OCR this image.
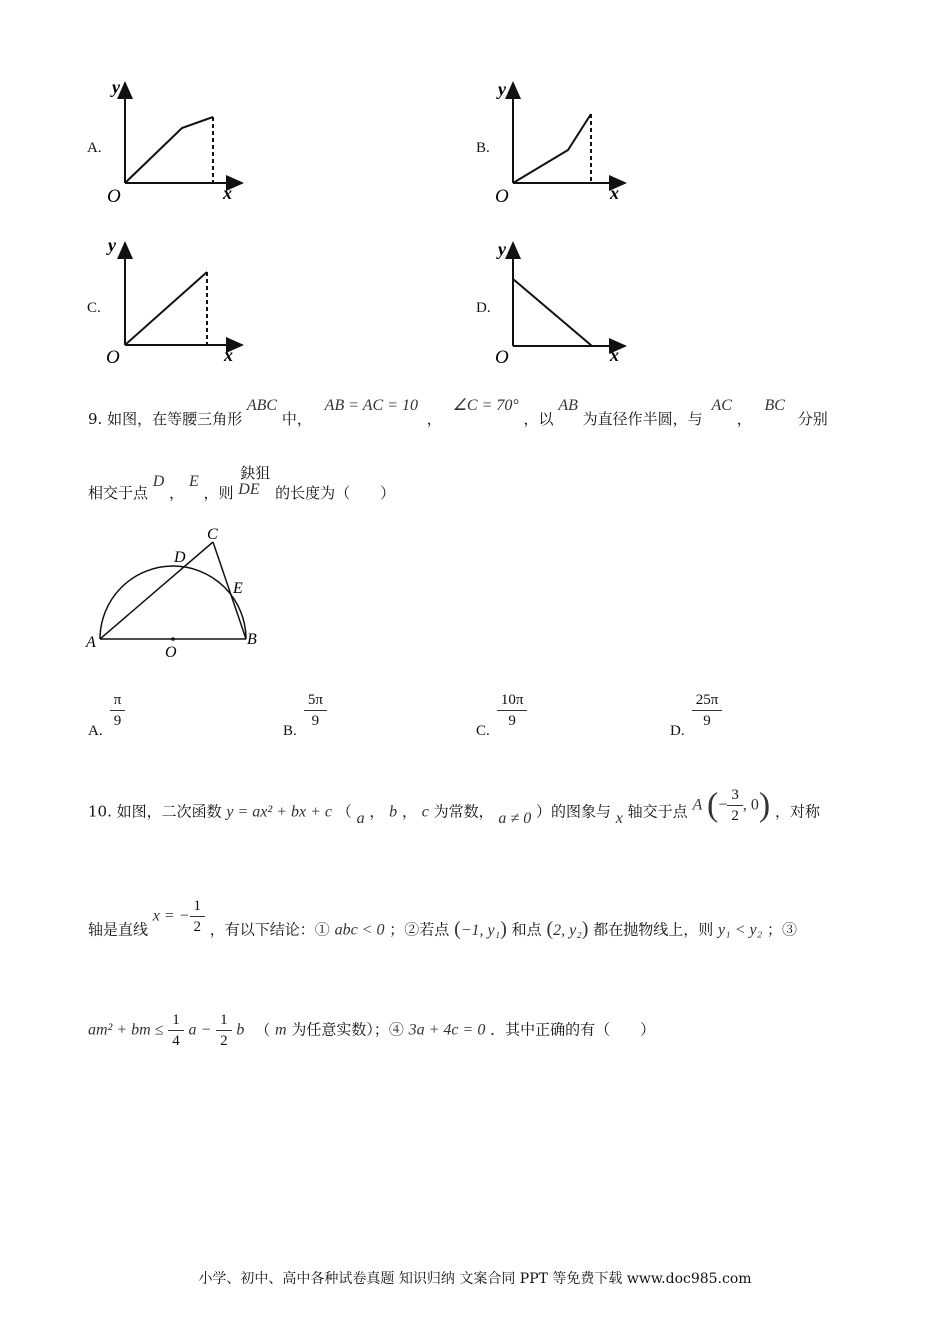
A.
y
x
O
B.
y
x
O
C.
y
x
O
D.
y
x
O
9. 如图，在等腰三角形 ABC 中， AB = AC = 10 ， ∠C = 70° ，以 AB 为直径作半圆，与 AC ， BC 分别
相交于点 D ， E ，则
鈌狙
DE 的长度为（　　）
A	B
C
D
E
O
A. $\frac{\pi}{9}$	B. $\frac{5\pi}{9}$	C. $\frac{10\pi}{9}$	D. $\frac{25\pi}{9}$
10. 如图，二次函数 y = ax² + bx + c （ a ， b ， c 为常数， a ≠ 0 ）的图象与 x 轴交于点 A (− $\frac{3}{2}$ , 0) ，对称
轴是直线 x = − $\frac{1}{2}$ ，有以下结论：① abc < 0 ；②若点 (−1, y₁) 和点 (2, y₂) 都在抛物线上，则 y₁ < y₂ ；③
am² + bm ≤ $\frac{1}{4}$ $a - \frac{1}{2}$ b （ m 为任意实数）；④ 3a + 4c = 0 ．其中正确的有（　　）
小学、初中、高中各种试卷真题 知识归纳 文案合同 PPT 等免费下载 www.doc985.com
